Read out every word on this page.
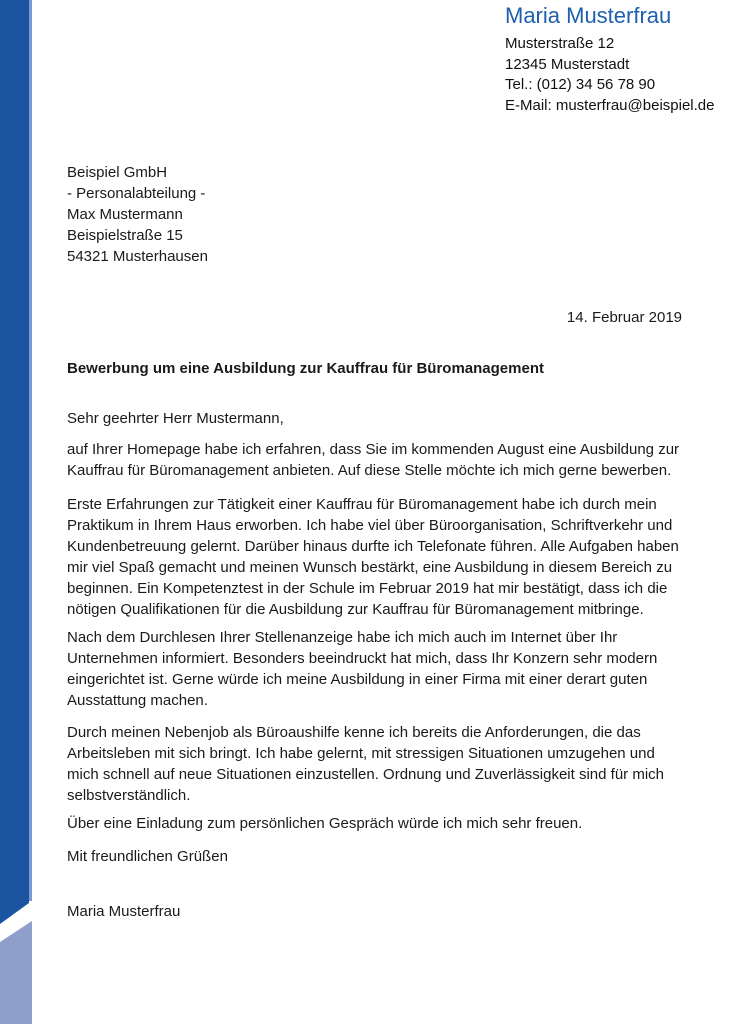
Maria Musterfrau
Musterstraße 12
12345 Musterstadt
Tel.: (012) 34 56 78 90
E-Mail: musterfrau@beispiel.de
Beispiel GmbH
- Personalabteilung -
Max Mustermann
Beispielstraße 15
54321 Musterhausen
14. Februar 2019
Bewerbung um eine Ausbildung zur Kauffrau für Büromanagement
Sehr geehrter Herr Mustermann,
auf Ihrer Homepage habe ich erfahren, dass Sie im kommenden August eine Ausbildung zur Kauffrau für Büromanagement anbieten. Auf diese Stelle möchte ich mich gerne bewerben.
Erste Erfahrungen zur Tätigkeit einer Kauffrau für Büromanagement habe ich durch mein Praktikum in Ihrem Haus erworben. Ich habe viel über Büroorganisation, Schriftverkehr und Kundenbetreuung gelernt. Darüber hinaus durfte ich Telefonate führen. Alle Aufgaben haben mir viel Spaß gemacht und meinen Wunsch bestärkt, eine Ausbildung in diesem Bereich zu beginnen. Ein Kompetenztest in der Schule im Februar 2019 hat mir bestätigt, dass ich die nötigen Qualifikationen für die Ausbildung zur Kauffrau für Büromanagement mitbringe.
Nach dem Durchlesen Ihrer Stellenanzeige habe ich mich auch im Internet über Ihr Unternehmen informiert. Besonders beeindruckt hat mich, dass Ihr Konzern sehr modern eingerichtet ist. Gerne würde ich meine Ausbildung in einer Firma mit einer derart guten Ausstattung machen.
Durch meinen Nebenjob als Büroaushilfe kenne ich bereits die Anforderungen, die das Arbeitsleben mit sich bringt. Ich habe gelernt, mit stressigen Situationen umzugehen und mich schnell auf neue Situationen einzustellen. Ordnung und Zuverlässigkeit sind für mich selbstverständlich.
Über eine Einladung zum persönlichen Gespräch würde ich mich sehr freuen.
Mit freundlichen Grüßen
Maria Musterfrau
